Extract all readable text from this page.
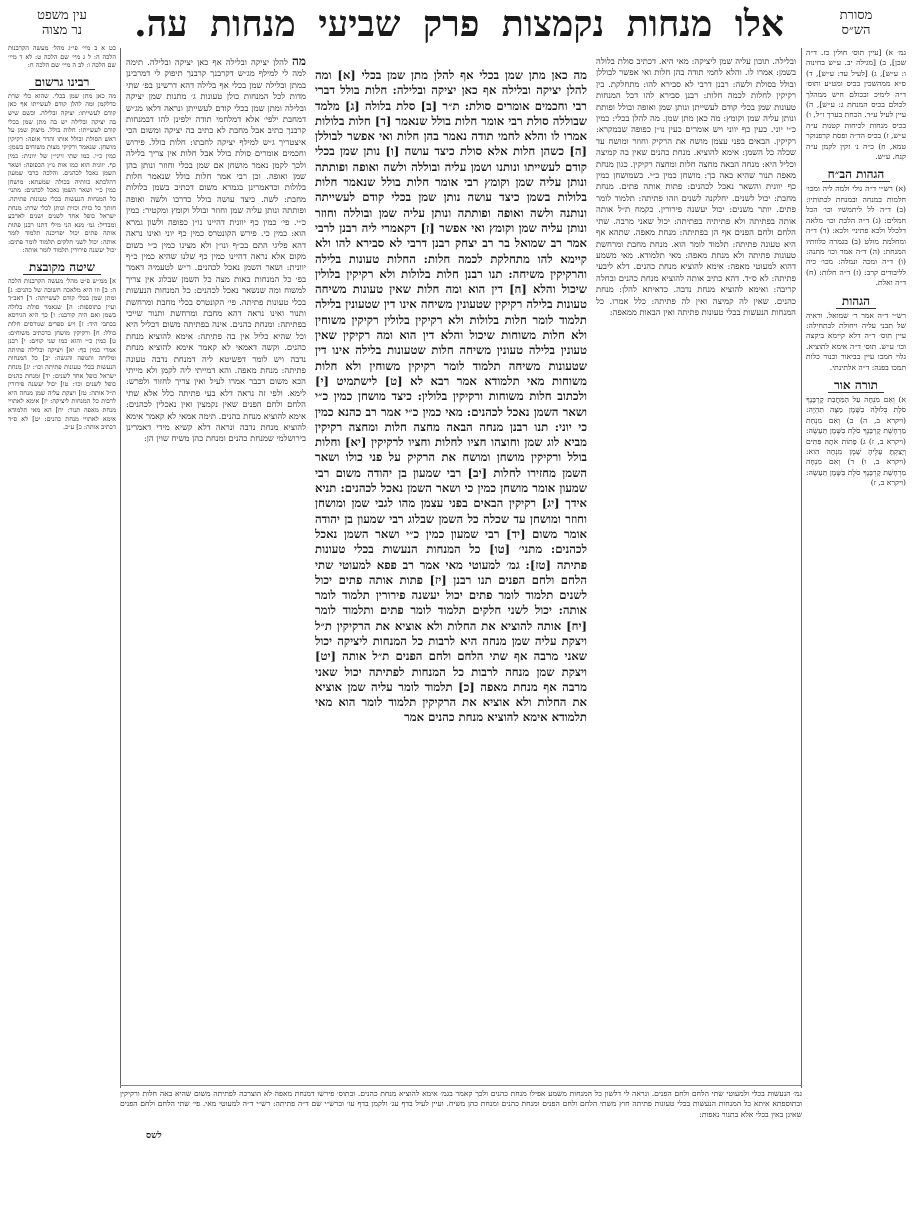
מסורת
הש״ס
אלו
מנחות
נקמצות
פרק
שביעי
מנחות
עה.
עין משפט
נר מצוה
גמ׳ א) [עיין תוס׳ חולין כז. ד״ה שכן], ב) [מגילה יב. ע״ש בחינוה ו: ע״ש], ג) [לעיל עד: ע״ש], ד) ס״א ממהשכין בכיס ומט״ע ותוס׳ ד״ה לימיכ ובכולם חיש ממהלך לכולם בכיס המנחת ג: ע״ש], ה) עיין לעיל ע״ד. הכחת בערך ז״ל, ו) בכיס מנחות לכיחות קטנות ע״ה ע״ש, ז) בכיס הד״ה ופסת קרפנוקר טמא, ח) כ״ה נ׳ זקין לקמן ע״ה קנח. ע״ש.
הגהות הב״ח
(א) רש״י ד״ה גולי ולמה ליה ומכו׳ חלמות במנחה ובמנחת לכתותיו: (ב) ד״ה לל ליתמשיו וכו׳ הכל חמלים: (ג) ד״ה הלכת וכו׳ מלאה דלכלל ולכא פתיני׳ ולכא: (ד) ד״ה ומחלמת מולט (ב) בגמרה כלוותיו המנחת: (ה) ד״ה אמר וכו׳ מתנה: (ו) ד״ה ומכה ונמלה: מכו׳ כיה לליבודים קרב: (ז) ד״ה חלות: (ח) ד״ה ואלת.
הגהות
רש״י ד״ה אמר ר׳ שמואל. וראיה של תבני עליה ויחולת לכתחילה: עיין תוס׳ ד״ה דלא קיימא ביקצה וכו׳ ע״ש. תוס׳ ד״ה אימא לתוציא. גלוי חמכו עיין בביאור וכנור כלות תמכו בפנה: ד״ה אלתינתי.
תורה אור
א) וְאִם מִנְחָה עַל הַמַּחֲבַת קָרְבָּנֶךָ סֹלֶת בְּלוּלָה בַשֶּׁמֶן מַצָּה תִהְיֶה: (ויקרא ב, ה) ב) וְאִם מִנְחַת מַרְחֶשֶׁת קָרְבָּנֶךָ סֹלֶת בַּשֶּׁמֶן תֵּעָשֶׂה: (ויקרא ב, ז) ג) פָּתוֹת אֹתָהּ פִּתִּים וְיָצַקְתָּ עָלֶיהָ שָׁמֶן מִנְחָה הִוא: (ויקרא ב, ו) ד) וְאִם מִנְחָה מַרְחֶשֶׁת קָרְבָּנֶךָ סֹלֶת בַּשֶּׁמֶן תֵּעָשֶׂה: (ויקרא ב, ז)
ובלילה. תוכון עליה שמן ליציקה: מאי היא. דכתיב סולת בלולה בשמן: אמרו לו. והלא לחמי תודה בהן חלות ואי אפשר לבוללן ובולל בסולת ולשה: רבנן דרבי לא סבירא להו: מתחלקת. בין רקיקין לחלות לכמה חלות: רבנן סבירא להו דכל המנחות טעונות שמן בכלי קודם לעשייתן ונותן שמן ואופה ובולל ופותת ונותן עליה שמן וקומץ: מה כאן מתן שמן. מה להלן בכלי: כמין כ״י יוני. כעין כף יווני ויש אומרים כעין נו״ן כפופה שבמקרא: רקיקין. הבאים בפני עצמן מושח את הרקיק וחוזר ומושח עד שכלה כל השמן: אימא להוציא. מנחת כהנים שאין בה קמיצה וכליל היא: מנחה הבאה מחצה חלות ומחצה רקיקין. כגון מנחת מאפה תנור שהיא באה כך: מושחן כמין כ״י. כשמושחן כמין כף יוונית והשאר נאכל לכהנים: פתות אותה פתים. מנחת מחבת: יכול לשנים. יחלקנה לשנים וזהו פתיתה: תלמוד לומר פתים. יותר משנים: יכול יעשנה פירורין. כקמח ת״ל אותה אותה בפתיתה ולא פתיתיה בפתיתה: יכול שאני מרבה. שתי הלחם ולחם הפנים אף הן בפתיתה: מנחת מאפה. שתהא אף היא טעונה פתיתה: תלמוד לומר הוא. מנחת מחבת ומרחשת טעונות פתיתה ולא מנחת מאפה: מאי תלמודא. מאי משמע דהוא למעוטי מאפה: אימא להוציא מנחת כהנים. דלא ליבעי פתיתה: לא ס״ד. דהא כתיב אותה להוציא מנחת כהנים ובחלה קריבה: ואימא להוציא מנחת נדבה. כדאיתא להלן: מנחת כהנים. שאין לה קמיצה ואין לה פתיתה: כלל אמרו. כל המנחות הנעשות בכלי טעונות פתיתה ואין הבאות ממאפה:
מה כאן מתן שמן בכלי אף להלן מתן שמן בכלי [א] ומה להלן יציקה ובלילה אף כאן יציקה ובלילה: חלות בולל דברי רבי וחכמים אומרים סולת: ת״ר [ב] סלת בלולה [ג] מלמד שבוללה סולת רבי אומר חלות בולל שנאמר [ד] חלות בלולות אמרו לו והלא לחמי תודה נאמר בהן חלות ואי אפשר לבוללן [ה] כשהן חלות אלא סולת כיצד עושה [ו] נותן שמן בכלי קודם לעשייתו ונותנו ושמן עליה ובוללה ולשה ואופה ופותתה ונותן עליה שמן וקומץ רבי אומר חלות בולל שנאמר חלות בלולות בשמן כיצד עושה נותן שמן בכלי קודם לעשייתה ונותנה ולשה ואופה ופותתה ונותן עליה שמן ובוללה וחוזר ונותן עליה שמן וקומץ ואי אפשר [ז] דקאמרי ליה רבנן לרבי אמר רב שמואל בר רב יצחק רבנן דרבי לא סבירא להו ולא קיימא להו מתחלקת לכמה חלות: החלות טעונות בלילה והרקיקין משיחה: תנו רבנן חלות בלולות ולא רקיקין בלולין שיכול והלא [ח] דין הוא ומה חלות שאין טעונות משיחה טעונות בלילה רקיקין שטעונין משיחה אינו דין שטעונין בלילה תלמוד לומר חלות בלולות ולא רקיקין בלולין רקיקין משוחין ולא חלות משוחות שיכול והלא דין הוא ומה רקיקין שאין טעונין בלילה טעונין משיחה חלות שטעונות בלילה אינו דין שטעונות משיחה תלמוד לומר רקיקין משוחין ולא חלות משוחות מאי תלמודא אמר רבא לא [ט] לישתמיט [י] ולכתוב חלות משוחות ורקיקין בלולין: כיצד מושחן כמין כ״י ושאר השמן נאכל לכהנים: מאי כמין כ״י אמר רב כהנא כמין כי יוני: תנו רבנן מנחה הבאה מחצה חלות ומחצה רקיקין מביא לוג שמן וחוצהו חציו לחלות וחציו לרקיקין [יא] וחלות בולל ורקיקין מושחן ומושח את הרקיק על פני כולו ושאר השמן מחזירו לחלות [יב] רבי שמעון בן יהודה משום רבי שמעון אומר מושחן כמין כי ושאר השמן נאכל לכהנים: תניא אידך [יג] רקיקין הבאים בפני עצמן מהו לגבי שמן ומושחן וחוזר ומושחן עד שכלה כל השמן שבלוג רבי שמעון בן יהודה אומר משום [יד] רבי שמעון כמין כ״י ושאר השמן נאכל לכהנים: מתני׳ [טו] כל המנחות הנעשות בכלי טעונות פתיתה [טז]: גמ׳ למעוטי מאי אמר רב פפא למעוטי שתי הלחם ולחם הפנים תנו רבנן [יז] פתות אותה פתים יכול לשנים תלמוד לומר פתים יכול יעשנה פירורין תלמוד לומר אותה: יכול לשני חלקים תלמוד לומר פתים ותלמוד לומר [יח] אותה להוציא את החלות ולא אוציא את הרקיקין ת״ל ויצקת עליה שמן מנחה היא לרבות כל המנחות ליציקה יכול שאני מרבה אף שתי הלחם ולחם הפנים ת״ל אותה [יט] ויצקת שמן מנחה לרבות כל המנחות לפתיתה יכול שאני מרבה אף מנחת מאפה [כ] תלמוד לומר עליה שמן אוציא את החלות ולא אוציא את הרקיקין תלמוד לומר הוא מאי תלמודא אימא להוציא מנחת כהנים אמר
מה להלן יציקה ובלילה אף כאן יציקה ובלילה. תימה למה לי למילף מג״ש דקרבנך קרבנך תיפוק לי דמרבינן במתן ובלילה שמן בכלי אף בלילה דהא דרשינן בפ׳ שתי מדות לכל המנחות כולן טעונות ג׳ מתנות שמן יציקה ובלילה ומתן שמן בכלי קודם לעשייתן ונראה דלאו מג״ש דמחבת ילפי׳ אלא דמלחמי תודה ילפינן להו דבמנחות קרבנך כתיב אבל מחבת לא כתיב בה יציקה ומשום הכי איצטריך ג״ש למילף יציקה לחבתו: חלות בולל. פירוש וחכמים אומרים סולת בולל אבל חלות אין צריך בלילה ולכך לקמן נאמר מושחן אם שמן בכלי וחוזר ונותן בהן שמן ואופה. וכן רבי אמר חלות בולל שנאמר חלות בלולות וכדאמרינן בגמרא משום דכתיב בשמן בלולות מחבת: לשה. כיצד עושה בולל כדרכו ולשה ואופה ופותתה ונותן עליה שמן וחוזר ובולל וקומץ ומקטיר: כמין כ״י. פי׳ כמין כף יוונית דהיינו נו״ן כפופה ולשון גמרא הוא: כמין כי. פירש הקונטרס כמין כף יוני ואינו נראה דהא פליגי התם בכ״ף ונו״ן ולא מצינו כמין כ״י בשום מקום אלא נראה דהיינו כמין כף שלנו שהיא כמין כ״ף יוונית: ושאר השמן נאכל לכהנים. ר״ש לטעמיה דאמר בפ׳ כל המנחות באות מצה כל השמן שבלוג אין צריך למשוח ומה שנשאר נאכל לכהנים: כל המנחות הנעשות בכלי טעונות פתיתה. פי׳ הקונטרס בכלי מחבת ומרחשת ותנור ואינו נראה דהא מחבת ומרחשת ותנור שייכי בפתיתה: ומנחת כהנים. אינה בפתיתה משום דכליל היא וכל שהיא כליל אין בה פתיתה: אימא להוציא מנחת כהנים. וקשה דאמאי לא קאמר אימא להוציא מנחת נדבה ויש לומר דפשיטא ליה דמנחת נדבה טעונה פתיתה: מנחת מאפה. והא דמייתי ליה לקמן ולא מייתי הכא משום דכבר אמרו לעיל ואין צריך לחזור ולפרש: לימא. ולפי זה נראה דלא בעי פתיתה כלל אלא שתי הלחם ולחם הפנים שאין נקמצין ואין נאכלין לכהנים: אימא להוציא מנחת כהנים. תימה אמאי לא קאמר אימא להוציא מנחת נדבה ונראה דלא קשיא מידי דאמרינן בירושלמי שמנחת כהנים ומנחת כהן משיח שוין הן:
כט א ב מיי׳ פי״ג מהל׳ מעשה הקרבנות הלכה ה: ל ג מיי׳ שם הלכה ט: לא ד מיי׳ שם הלכה ו: לב ה מיי׳ שם הלכה ח:
רבינו גרשום
מה כאן מתן שמן בכלי. שהוא כלי שרת כדלקמן ומה להלן קודם לעשייתו אף כאן קודם לעשייתו: יציקה ובלילה. וכשם שיש בה יציקה ובלילה יש בה מתן שמן בכלי קודם לעשייתו: חלות בולל. מיצוק שמן על ראש הסולת ובולל אותו והדר אופה: רקיקין מושחן. שנאמר ורקיקי מצות משוחים בשמן: כמין כ״י. כמו שתי זייני״ן של יוונית: כמין כף. יוונית הוא כמו אות נו״ן הכפופה: ושאר השמן נאכל לכהנים. והלכה כרבי שמעון דהלכתא כוותיה בכולה שמעתא: מושחן כמין כ״י ושאר השמן נאכל לכהנים: מתני׳ כל המנחות הנעשות בכלי טעונות פתיתה. חותך כל כזית וכזית ונותן לכלי שרת: מנחת ישראל כופל אחד לשנים ושנים לארבע ומבדיל: גמ׳ מנא הני מילי דתנו רבנן פתות אותה פתים יכול יפריכנה תלמוד לומר אותה: יכול לשני חלקים תלמוד לומר פתים: יכול יעשנה פירורין תלמוד לומר אותה:
שיטה מקובצת
א] ממ״ש פ״ט מהל׳ מעשה הקרבנות הלכה ה: ב] וזו היא מלאכה חשובה של כהנים: ג] ומתן שמן בכלי קודם לעשייתה: ד] ראב״ד ועיין בתוספות: ה] שנאמר סולת בלולה בשמן ואם היה קורבנו: ו] כך היא הגירסא בכתבי היד: ז] ויש ספרים שגורסים חלות בולל: ח] ורקיקין מושחן כדכתיב משוחים: ט] כמין כ״י והוא כמו שני קווים: י] רבנן אמרי כמין כף: יא] ויציקה ובלילה פתיתה ומליחה ותנופה והגשה: יב] כל המנחות הנעשות בכלי טעונות פתיתה וכו׳: יג] מנחת ישראל כופל אחד לשנים: יד] ומנחת כהנים כופל לשנים וכו׳: טו] יכול יעשנה פירורין ת״ל אותה: טז] ויצקת עליה שמן מנחה היא לרבות כל המנחות ליציקה: יז] אימא לאתויי מנחת מאפה תנור: יח] הא מאי תלמודא אימא לאתויי מנחת כהנים: יט] לא ס״ד דכתיב אותה: כ] ע״כ.
גמ׳ הנעשות בכלי ולמעוטי שתי הלחם ולחם הפנים. ונראה לי דלשון כל המנחות משמע אפילו מנחת כהנים ולכך קאמר בגמ׳ אימא להוציא מנחת כהנים. ובתוס׳ פירשו דמנחת מאפה לא הוצרכה לפתיתה משום שהיא באה חלות ורקיקין ובתוספתא איתא כל המנחות הנעשות בכלי טעונות פתיתה חוץ משתי הלחם ולחם הפנים ומנחת כהנים ומנחת כהן משיח. ועיין לעיל בדף עג׳ ולקמן בדף עו׳ וברש״י שם ד״ה פתיתה: רש״י ד״ה למעוטי מאי. פי׳ שתי הלחם ולחם הפנים שאינן באין בכלי אלא בתנור נאפות:
לשס
